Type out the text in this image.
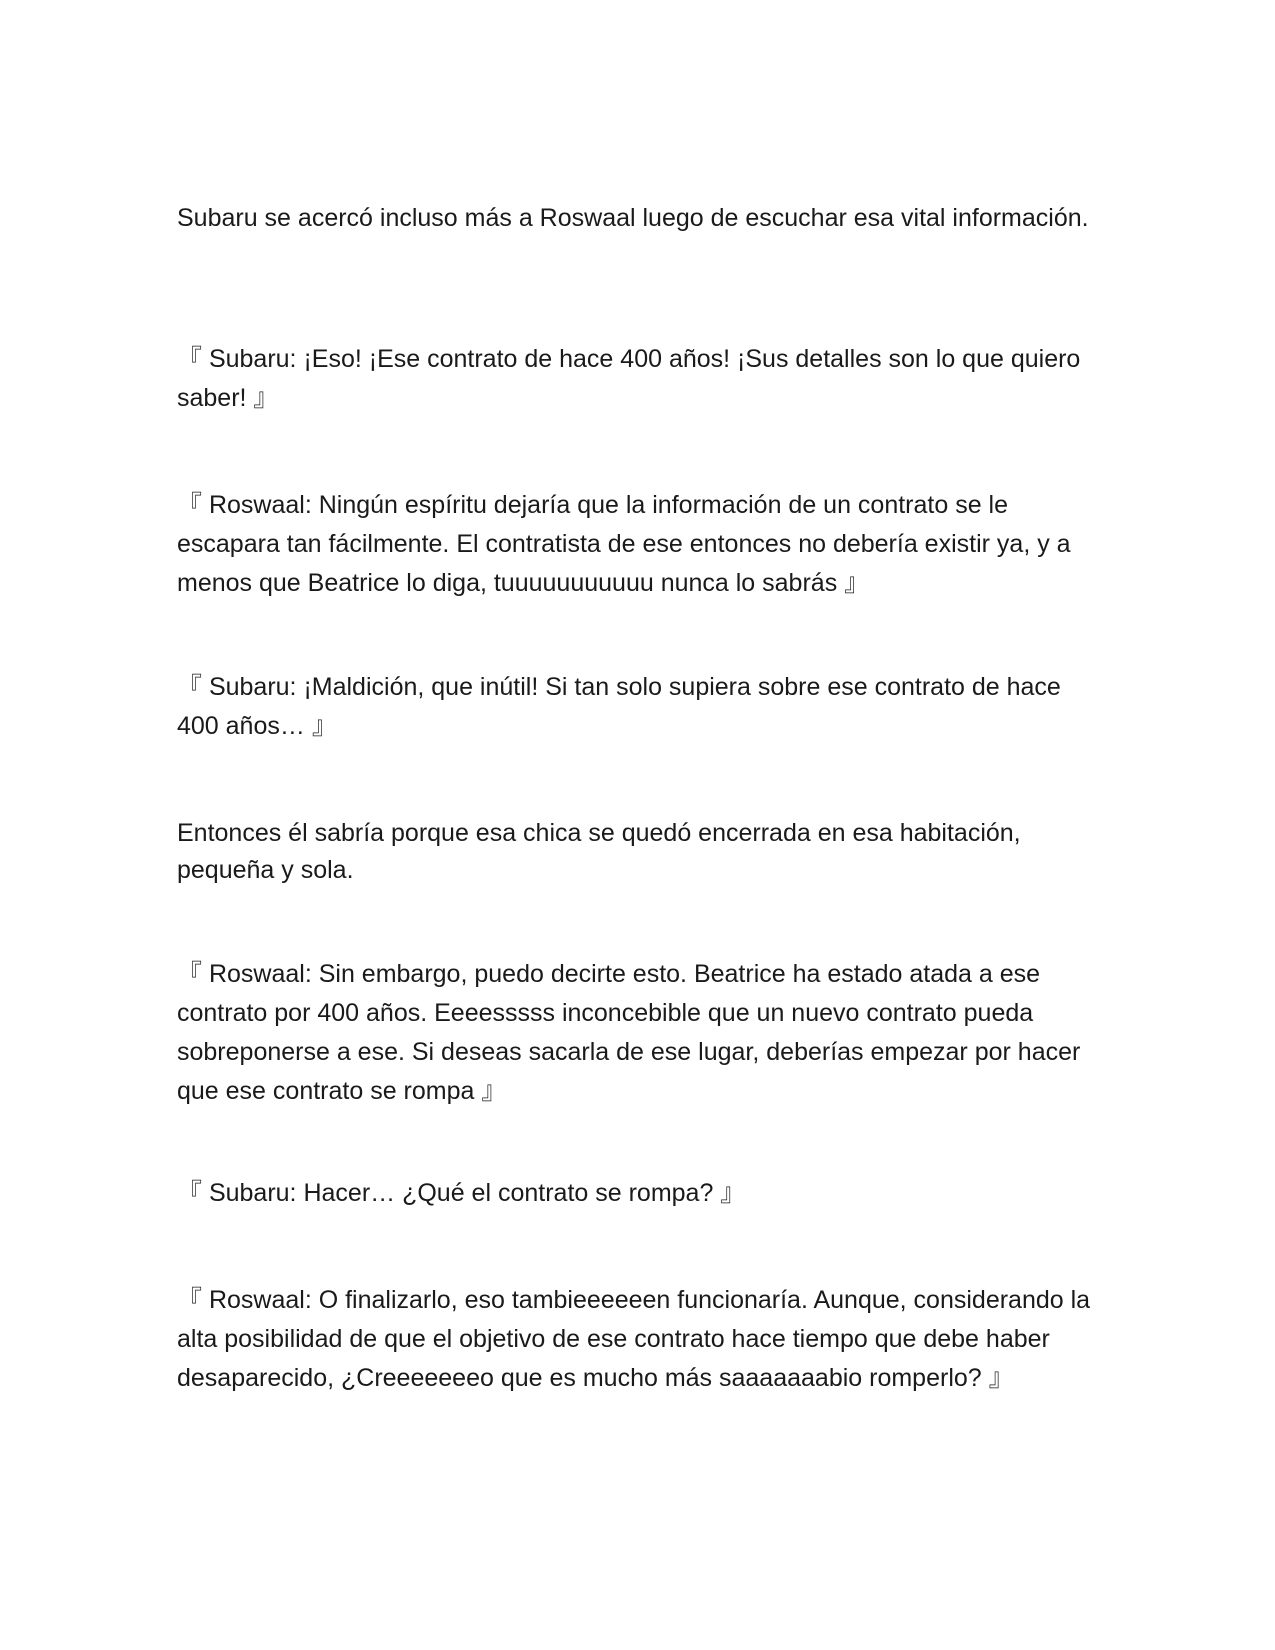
Subaru se acercó incluso más a Roswaal luego de escuchar esa vital información.

『 Subaru: ¡Eso! ¡Ese contrato de hace 400 años! ¡Sus detalles son lo que quiero saber! 』

『 Roswaal: Ningún espíritu dejaría que la información de un contrato se le escapara tan fácilmente. El contratista de ese entonces no debería existir ya, y a menos que Beatrice lo diga, tuuuuuuuuuuu nunca lo sabrás 』

『 Subaru: ¡Maldición, que inútil! Si tan solo supiera sobre ese contrato de hace 400 años… 』

Entonces él sabría porque esa chica se quedó encerrada en esa habitación, pequeña y sola.

『 Roswaal: Sin embargo, puedo decirte esto. Beatrice ha estado atada a ese contrato por 400 años. Eeeesssss inconcebible que un nuevo contrato pueda sobreponerse a ese. Si deseas sacarla de ese lugar, deberías empezar por hacer que ese contrato se rompa 』

『 Subaru: Hacer… ¿Qué el contrato se rompa? 』

『 Roswaal: O finalizarlo, eso tambieeeeeen funcionaría. Aunque, considerando la alta posibilidad de que el objetivo de ese contrato hace tiempo que debe haber desaparecido, ¿Creeeeeeeo que es mucho más saaaaaaabio romperlo? 』
